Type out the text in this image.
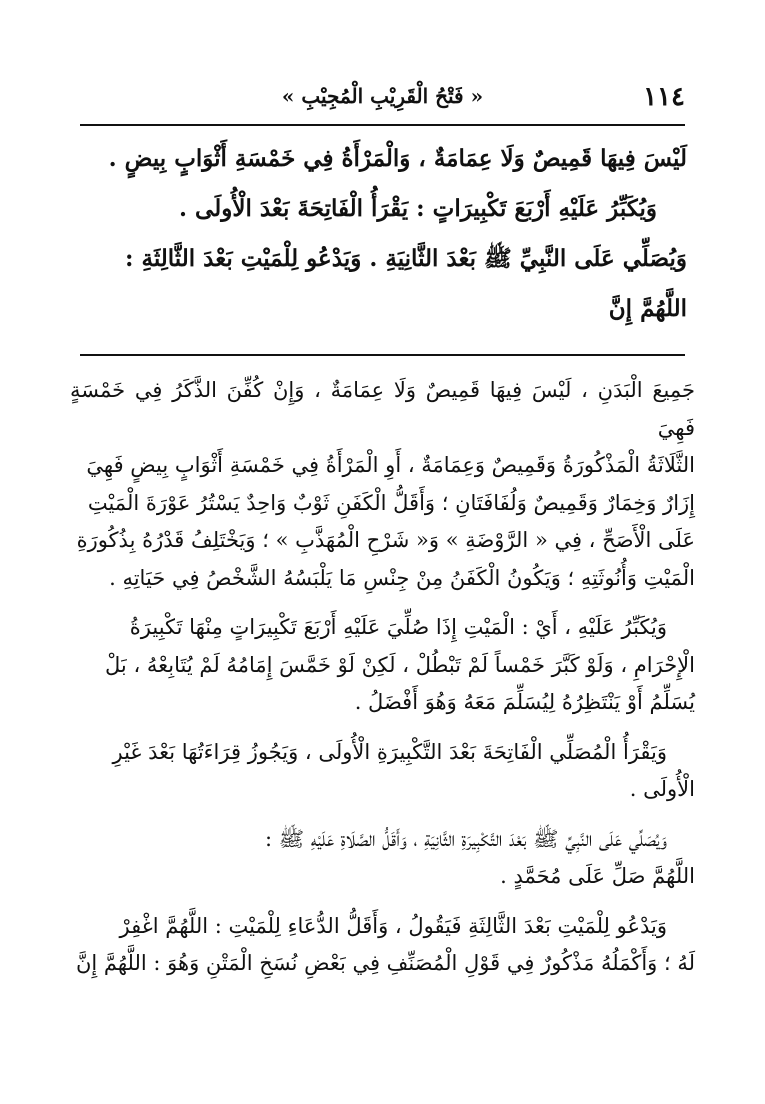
١١٤
« فَتْحُ الْقَرِيْبِ الْمُجِيْبِ »

لَيْسَ فِيهَا قَمِيصٌ وَلَا عِمَامَةٌ ، وَالْمَرْأَةُ فِي خَمْسَةِ أَثْوَابٍ بِيضٍ .

وَيُكَبِّرُ عَلَيْهِ أَرْبَعَ تَكْبِيرَاتٍ : يَقْرَأُ الْفَاتِحَةَ بَعْدَ الْأُولَى .

وَيُصَلِّي عَلَى النَّبِيِّ ﷺ بَعْدَ الثَّانِيَةِ . وَيَدْعُو لِلْمَيْتِ بَعْدَ الثَّالِثَةِ :

اللَّهُمَّ إِنَّ

جَمِيعَ الْبَدَنِ ، لَيْسَ فِيهَا قَمِيصٌ وَلَا عِمَامَةٌ ، وَإِنْ كُفِّنَ الذَّكَرُ فِي خَمْسَةٍ فَهِيَ

الثَّلَاثَةُ الْمَذْكُورَةُ وَقَمِيصٌ وَعِمَامَةٌ ، أَوِ الْمَرْأَةُ فِي خَمْسَةِ أَثْوَابٍ بِيضٍ فَهِيَ

إِزَارٌ وَخِمَارٌ وَقَمِيصٌ وَلُفَافَتَانِ ؛ وَأَقَلُّ الْكَفَنِ ثَوْبٌ وَاحِدٌ يَسْتُرُ عَوْرَةَ الْمَيْتِ

عَلَى الْأَصَحِّ ، فِي « الرَّوْضَةِ » وَ« شَرْحِ الْمُهَذَّبِ » ؛ وَيَخْتَلِفُ قَدْرُهُ بِذُكُورَةِ

الْمَيْتِ وَأُنُوثَتِهِ ؛ وَيَكُونُ الْكَفَنُ مِنْ جِنْسِ مَا يَلْبَسُهُ الشَّخْصُ فِي حَيَاتِهِ .

وَيُكَبِّرُ عَلَيْهِ ، أَيْ : الْمَيْتِ إِذَا صُلِّيَ عَلَيْهِ أَرْبَعَ تَكْبِيرَاتٍ مِنْهَا تَكْبِيرَةُ

الْإِحْرَامِ ، وَلَوْ كَبَّرَ خَمْساً لَمْ تَبْطُلْ ، لَكِنْ لَوْ خَمَّسَ إِمَامُهُ لَمْ يُتَابِعْهُ ، بَلْ

يُسَلِّمُ أَوْ يَنْتَظِرُهُ لِيُسَلِّمَ مَعَهُ وَهُوَ أَفْضَلُ .

وَيَقْرَأُ الْمُصَلِّي الْفَاتِحَةَ بَعْدَ التَّكْبِيرَةِ الْأُولَى ، وَيَجُوزُ قِرَاءَتُهَا بَعْدَ غَيْرِ

الْأُولَى .

وَيُصَلِّي عَلَى النَّبِيِّ ﷺ بَعْدَ التَّكْبِيرَةِ الثَّانِيَةِ ، وَأَقَلُّ الصَّلَاةِ عَلَيْهِ ﷺ :

اللَّهُمَّ صَلِّ عَلَى مُحَمَّدٍ .

وَيَدْعُو لِلْمَيْتِ بَعْدَ الثَّالِثَةِ فَيَقُولُ ، وَأَقَلُّ الدُّعَاءِ لِلْمَيْتِ : اللَّهُمَّ اغْفِرْ

لَهُ ؛ وَأَكْمَلُهُ مَذْكُورٌ فِي قَوْلِ الْمُصَنِّفِ فِي بَعْضِ نُسَخِ الْمَتْنِ وَهُوَ : اللَّهُمَّ إِنَّ
